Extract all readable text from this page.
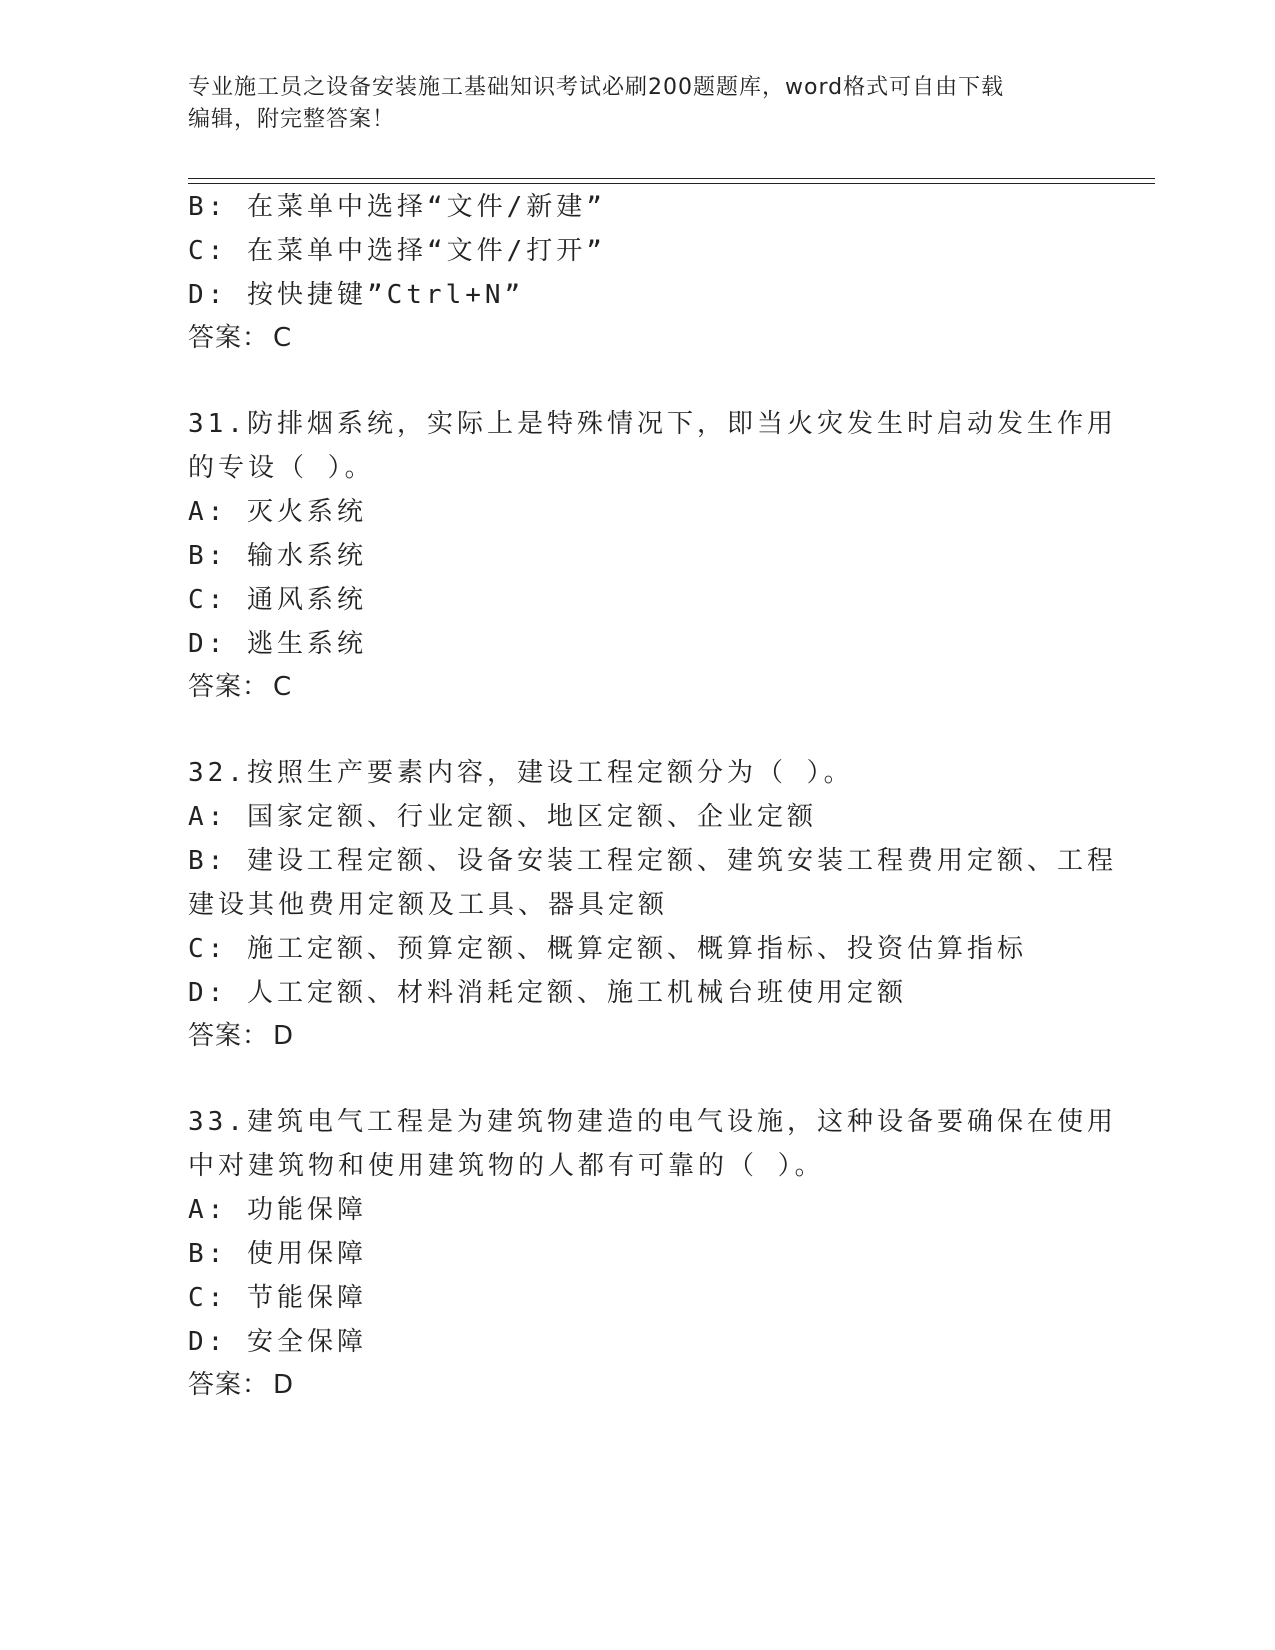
专业施工员之设备安装施工基础知识考试必刷200题题库，word格式可自由下载
编辑，附完整答案！
B: 在菜单中选择“文件/新建”
C: 在菜单中选择“文件/打开”
D: 按快捷键”Ctrl+N”
答案： C
31.防排烟系统，实际上是特殊情况下，即当火灾发生时启动发生作用
的专设（ ）。
A: 灭火系统
B: 输水系统
C: 通风系统
D: 逃生系统
答案： C
32.按照生产要素内容，建设工程定额分为（ ）。
A: 国家定额、行业定额、地区定额、企业定额
B: 建设工程定额、设备安装工程定额、建筑安装工程费用定额、工程
建设其他费用定额及工具、器具定额
C: 施工定额、预算定额、概算定额、概算指标、投资估算指标
D: 人工定额、材料消耗定额、施工机械台班使用定额
答案： D
33.建筑电气工程是为建筑物建造的电气设施，这种设备要确保在使用
中对建筑物和使用建筑物的人都有可靠的（ ）。
A: 功能保障
B: 使用保障
C: 节能保障
D: 安全保障
答案： D
